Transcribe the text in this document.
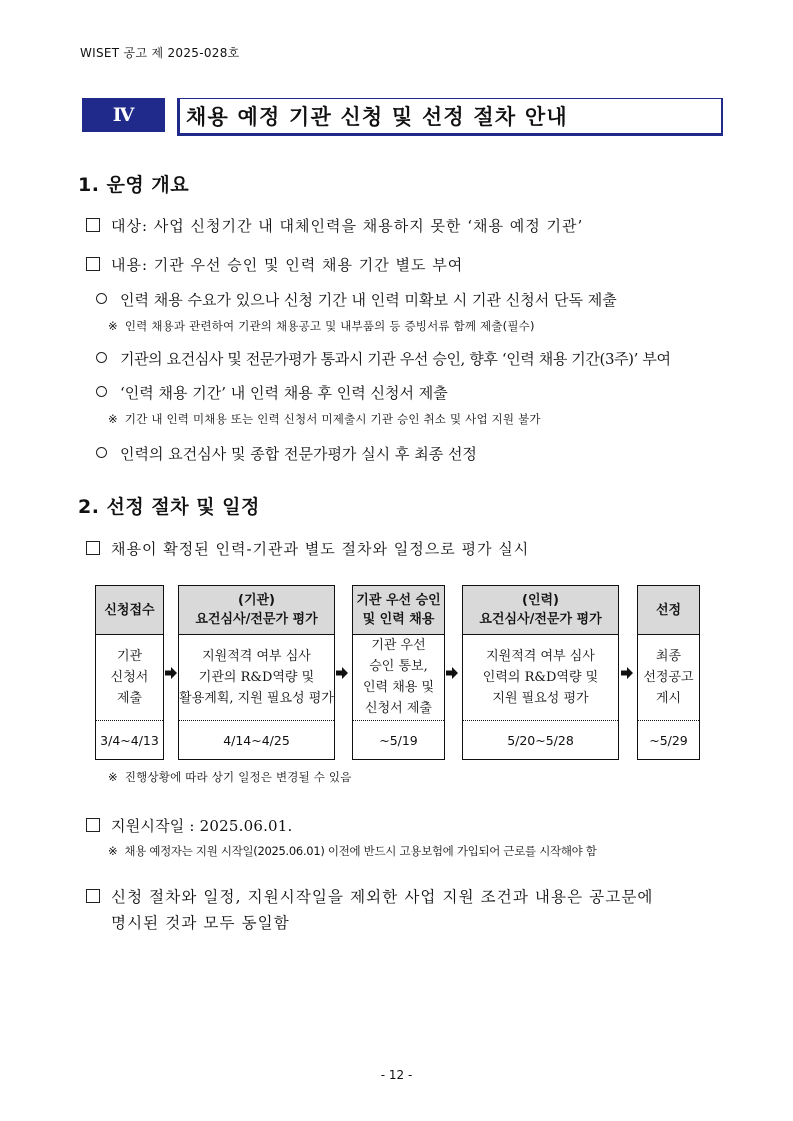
WISET 공고 제 2025-028호
Ⅳ	채용 예정 기관 신청 및 선정 절차 안내
1. 운영 개요
대상: 사업 신청기간 내 대체인력을 채용하지 못한 ‘채용 예정 기관’
내용: 기관 우선 승인 및 인력 채용 기간 별도 부여
인력 채용 수요가 있으나 신청 기간 내 인력 미확보 시 기관 신청서 단독 제출
※ 인력 채용과 관련하여 기관의 채용공고 및 내부품의 등 증빙서류 함께 제출(필수)
기관의 요건심사 및 전문가평가 통과시 기관 우선 승인, 향후 ‘인력 채용 기간(3주)’ 부여
‘인력 채용 기간’ 내 인력 채용 후 인력 신청서 제출
※ 기간 내 인력 미채용 또는 인력 신청서 미제출시 기관 승인 취소 및 사업 지원 불가
인력의 요건심사 및 종합 전문가평가 실시 후 최종 선정
2. 선정 절차 및 일정
채용이 확정된 인력-기관과 별도 절차와 일정으로 평가 실시
신청접수
기관
신청서
제출
3/4~4/13
(기관)
요건심사/전문가 평가
지원적격 여부 심사
기관의 R&D역량 및
활용계획, 지원 필요성 평가
4/14~4/25
기관 우선 승인
및 인력 채용
기관 우선
승인 통보,
인력 채용 및
신청서 제출
~5/19
(인력)
요건심사/전문가 평가
지원적격 여부 심사
인력의 R&D역량 및
지원 필요성 평가
5/20~5/28
선정
최종
선정공고
게시
~5/29
※ 진행상황에 따라 상기 일정은 변경될 수 있음
지원시작일 : 2025.06.01.
※ 채용 예정자는 지원 시작일(2025.06.01) 이전에 반드시 고용보험에 가입되어 근로를 시작해야 함
신청 절차와 일정, 지원시작일을 제외한 사업 지원 조건과 내용은 공고문에
명시된 것과 모두 동일함
- 12 -
